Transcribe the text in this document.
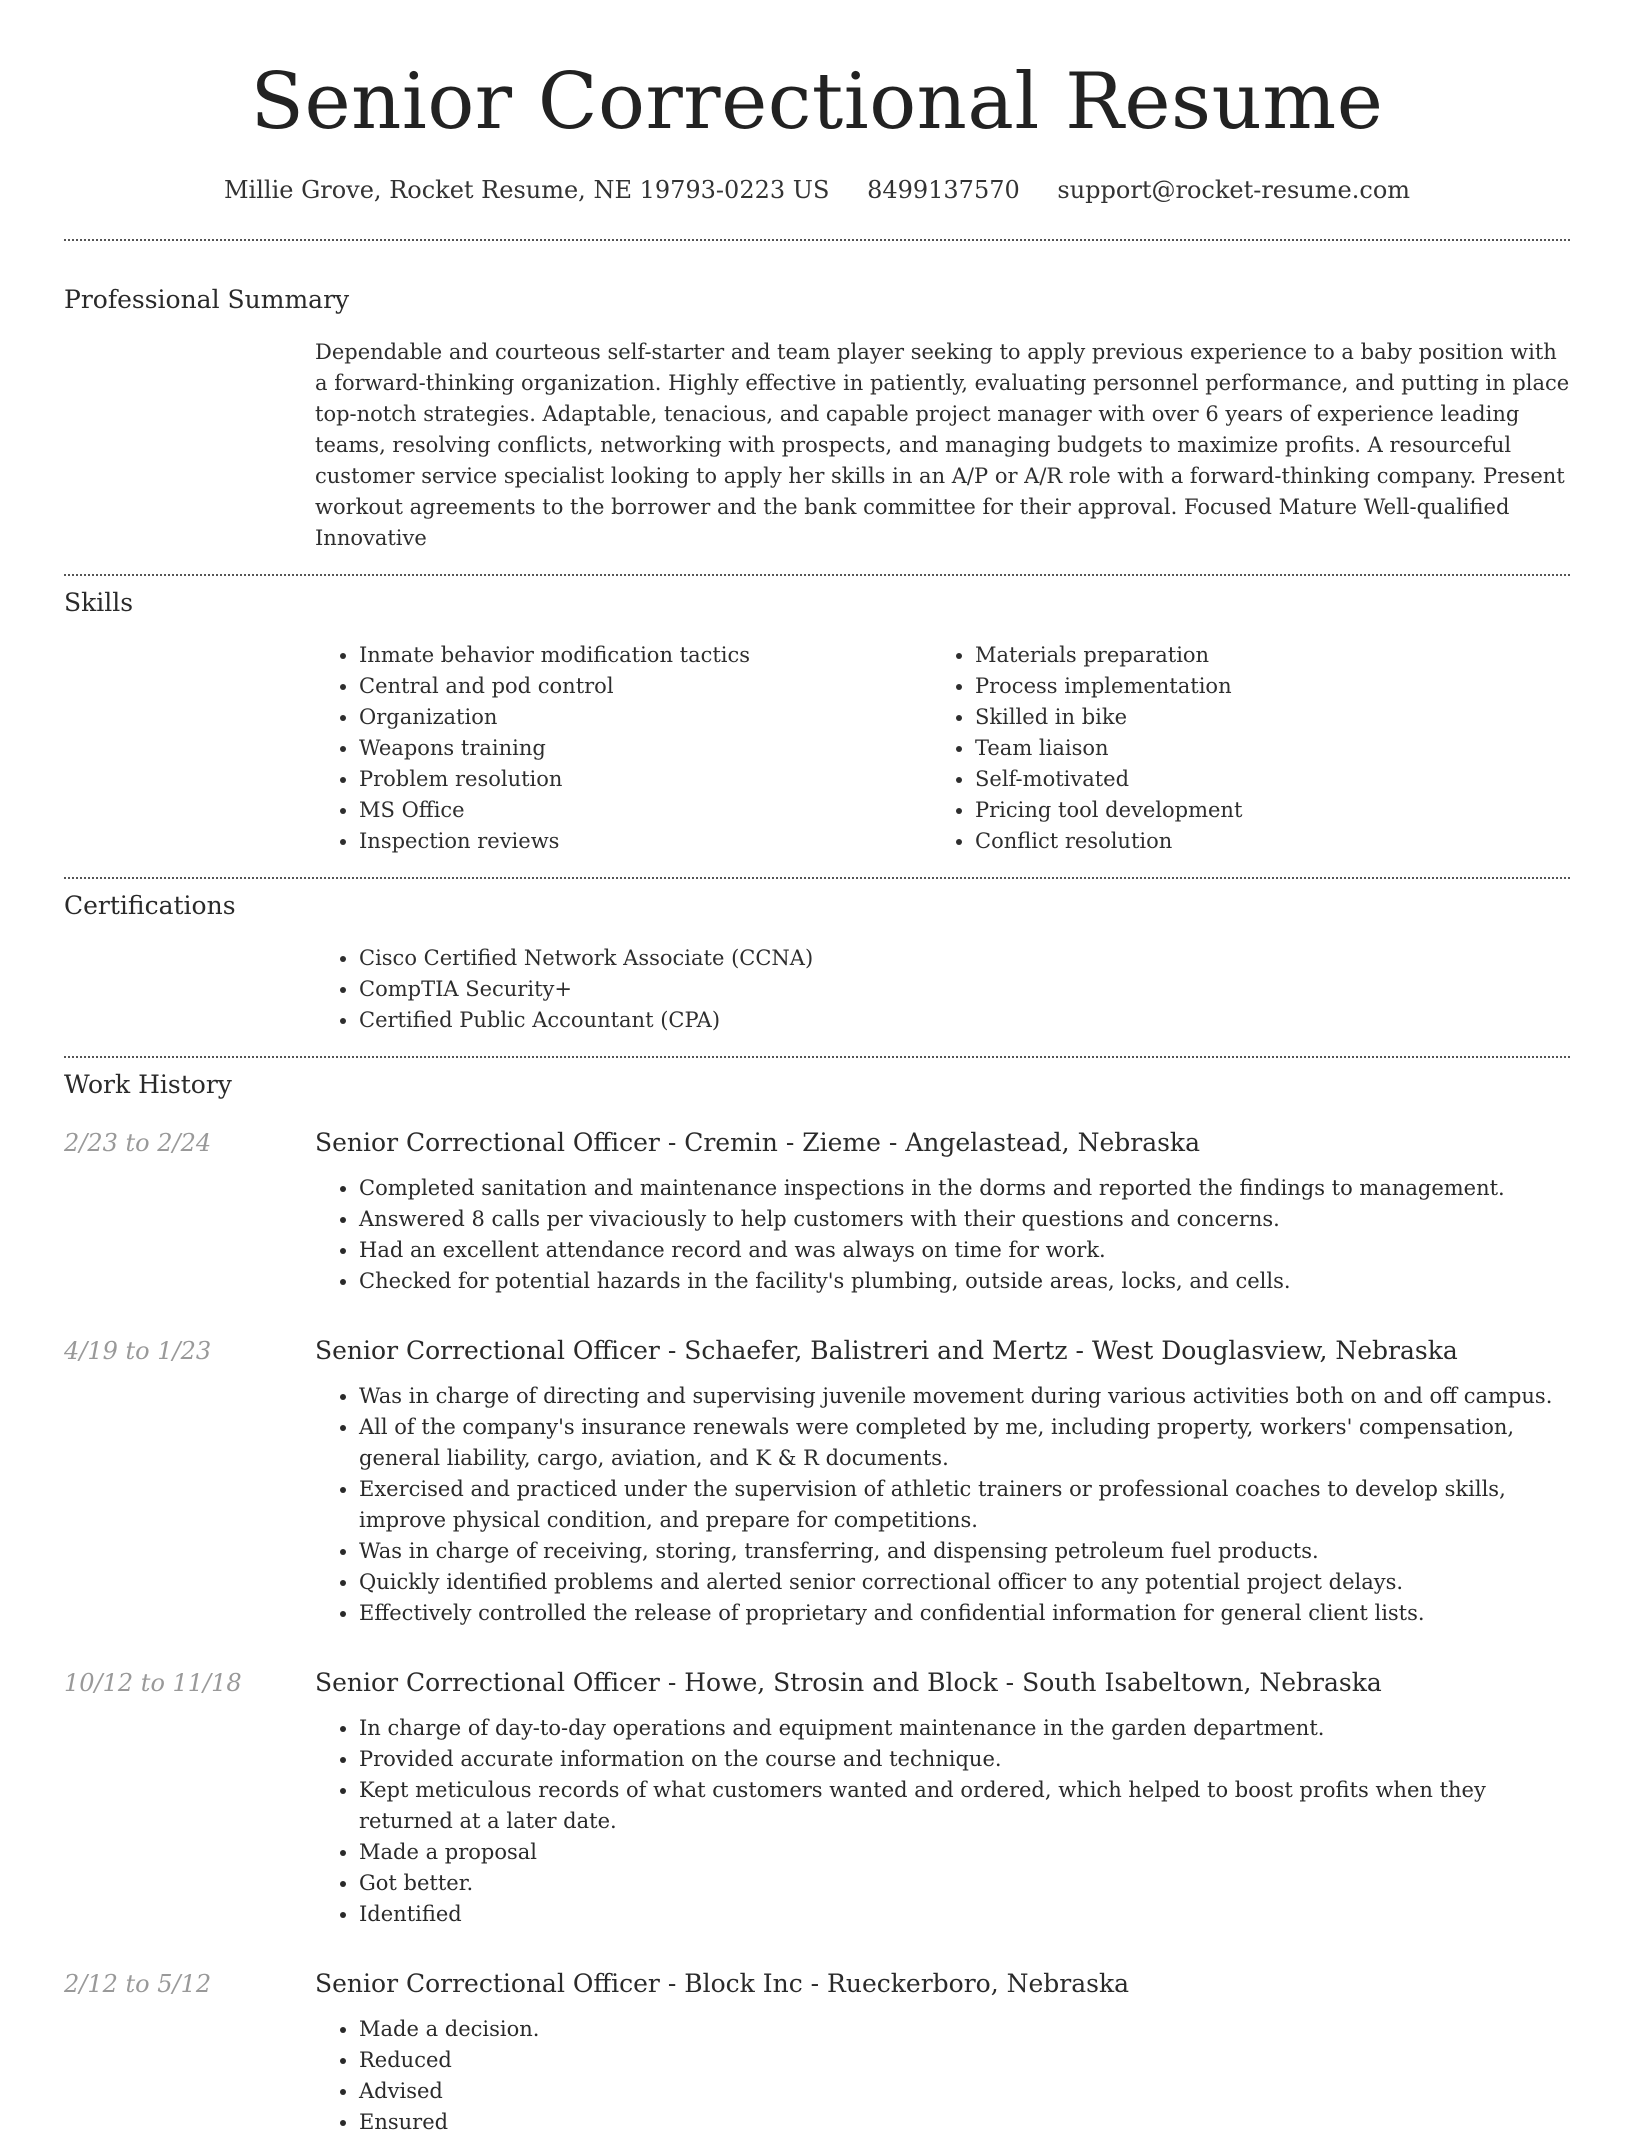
Senior Correctional Resume
Millie Grove, Rocket Resume, NE 19793-0223 US 8499137570 support@rocket-resume.com
Professional Summary
Dependable and courteous self-starter and team player seeking to apply previous experience to a baby position with a forward-thinking organization. Highly effective in patiently, evaluating personnel performance, and putting in place top-notch strategies. Adaptable, tenacious, and capable project manager with over 6 years of experience leading teams, resolving conflicts, networking with prospects, and managing budgets to maximize profits. A resourceful customer service specialist looking to apply her skills in an A/P or A/R role with a forward-thinking company. Present workout agreements to the borrower and the bank committee for their approval. Focused Mature Well-qualified Innovative
Skills
• Inmate behavior modification tactics
• Central and pod control
• Organization
• Weapons training
• Problem resolution
• MS Office
• Inspection reviews
• Materials preparation
• Process implementation
• Skilled in bike
• Team liaison
• Self-motivated
• Pricing tool development
• Conflict resolution
Certifications
• Cisco Certified Network Associate (CCNA)
• CompTIA Security+
• Certified Public Accountant (CPA)
Work History
2/23 to 2/24	Senior Correctional Officer - Cremin - Zieme - Angelastead, Nebraska
• Completed sanitation and maintenance inspections in the dorms and reported the findings to management.
• Answered 8 calls per vivaciously to help customers with their questions and concerns.
• Had an excellent attendance record and was always on time for work.
• Checked for potential hazards in the facility's plumbing, outside areas, locks, and cells.
4/19 to 1/23	Senior Correctional Officer - Schaefer, Balistreri and Mertz - West Douglasview, Nebraska
• Was in charge of directing and supervising juvenile movement during various activities both on and off campus.
• All of the company's insurance renewals were completed by me, including property, workers' compensation, general liability, cargo, aviation, and K & R documents.
• Exercised and practiced under the supervision of athletic trainers or professional coaches to develop skills, improve physical condition, and prepare for competitions.
• Was in charge of receiving, storing, transferring, and dispensing petroleum fuel products.
• Quickly identified problems and alerted senior correctional officer to any potential project delays.
• Effectively controlled the release of proprietary and confidential information for general client lists.
10/12 to 11/18	Senior Correctional Officer - Howe, Strosin and Block - South Isabeltown, Nebraska
• In charge of day-to-day operations and equipment maintenance in the garden department.
• Provided accurate information on the course and technique.
• Kept meticulous records of what customers wanted and ordered, which helped to boost profits when they returned at a later date.
• Made a proposal
• Got better.
• Identified
2/12 to 5/12	Senior Correctional Officer - Block Inc - Rueckerboro, Nebraska
• Made a decision.
• Reduced
• Advised
• Ensured
